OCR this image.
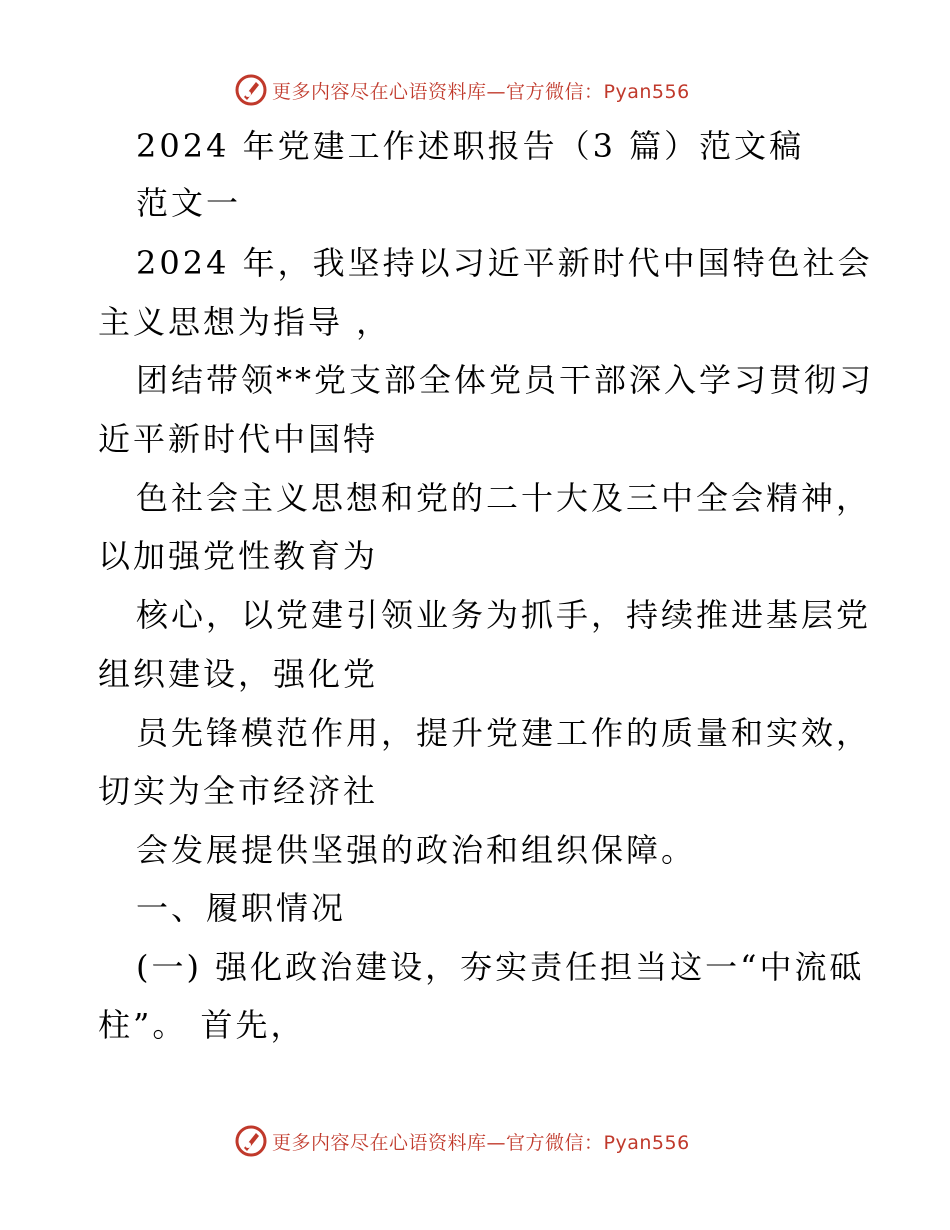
更多内容尽在心语资料库—官方微信：Pyan556
2024 年党建工作述职报告（3 篇）范文稿
范文一
2024 年，我坚持以习近平新时代中国特色社会
主义思想为指导 ，
团结带领**党支部全体党员干部深入学习贯彻习
近平新时代中国特
色社会主义思想和党的二十大及三中全会精神，
以加强党性教育为
核心，以党建引领业务为抓手，持续推进基层党
组织建设，强化党
员先锋模范作用，提升党建工作的质量和实效，
切实为全市经济社
会发展提供坚强的政治和组织保障。
一、履职情况
(一) 强化政治建设，夯实责任担当这一“中流砥
柱”。 首先，
更多内容尽在心语资料库—官方微信：Pyan556
